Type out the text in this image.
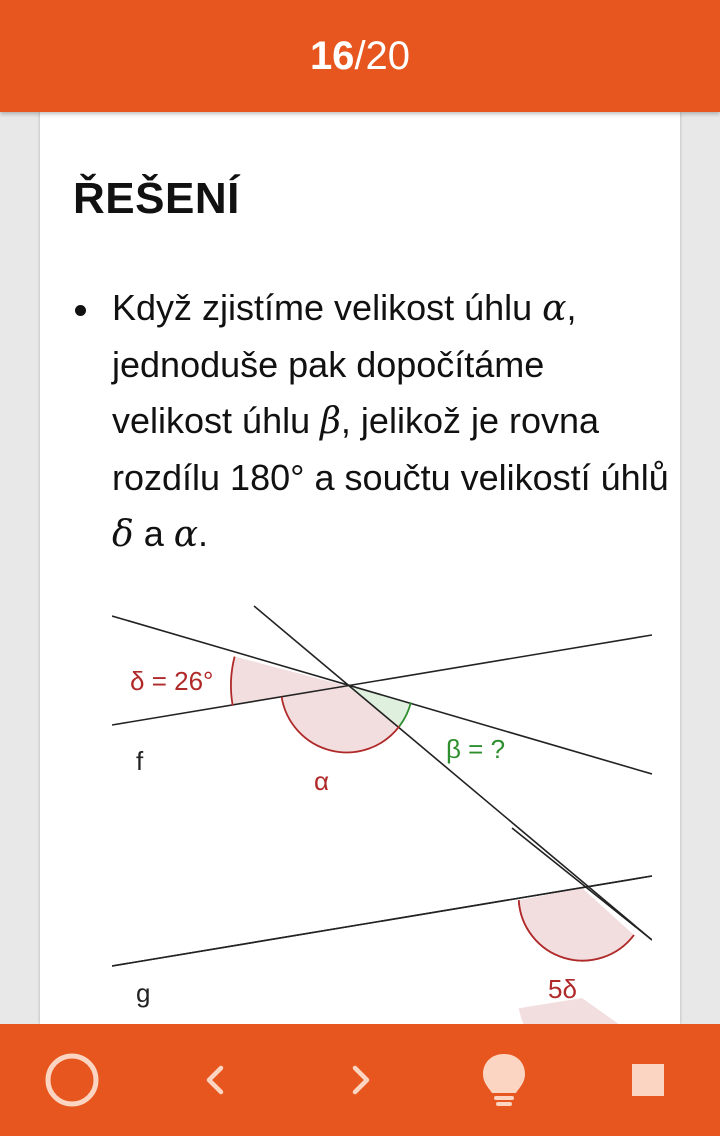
16 /20
ŘEŠENÍ
Když zjistíme velikost úhlu α, jednoduše pak dopočítáme velikost úhlu β, jelikož je rovna rozdílu 180° a součtu velikostí úhlů δ a α.
δ = 26°
α
β = ?
5δ
f
g
